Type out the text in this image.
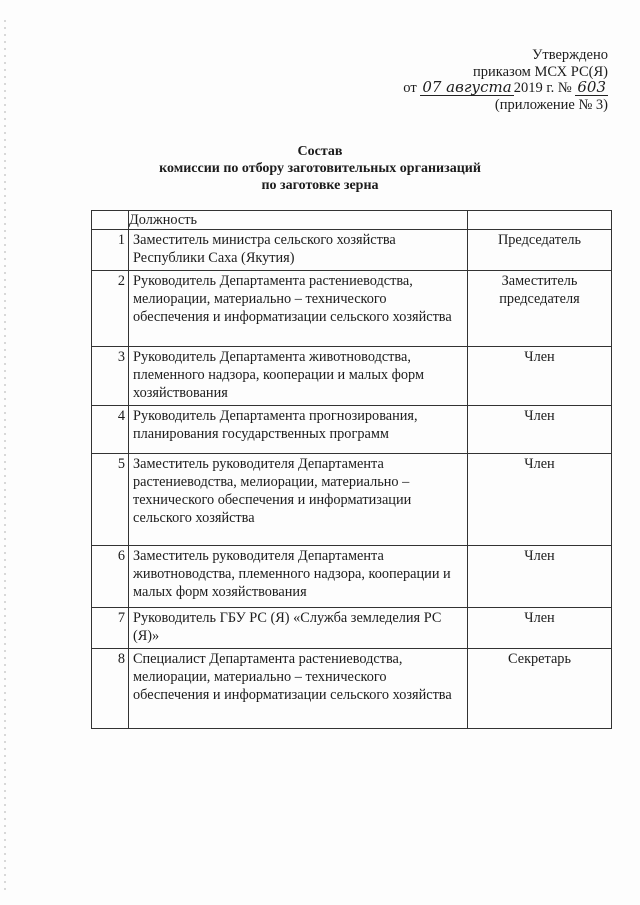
Утверждено
приказом МСХ РС(Я)
от 07 августа 2019 г. № 603
(приложение № 3)
Состав
комиссии по отбору заготовительных организаций
по заготовке зерна
	Должность	
1	Заместитель министра сельского хозяйства Республики Саха (Якутия)	Председатель
2	Руководитель Департамента растениеводства, мелиорации, материально – технического обеспечения и информатизации сельского хозяйства	Заместитель председателя
3	Руководитель Департамента животноводства, племенного надзора, кооперации и малых форм хозяйствования	Член
4	Руководитель Департамента прогнозирования, планирования государственных программ	Член
5	Заместитель руководителя Департамента растениеводства, мелиорации, материально – технического обеспечения и информатизации сельского хозяйства	Член
6	Заместитель руководителя Департамента животноводства, племенного надзора, кооперации и малых форм хозяйствования	Член
7	Руководитель ГБУ РС (Я) «Служба земледелия РС (Я)»	Член
8	Специалист Департамента растениеводства, мелиорации, материально – технического обеспечения и информатизации сельского хозяйства	Секретарь
